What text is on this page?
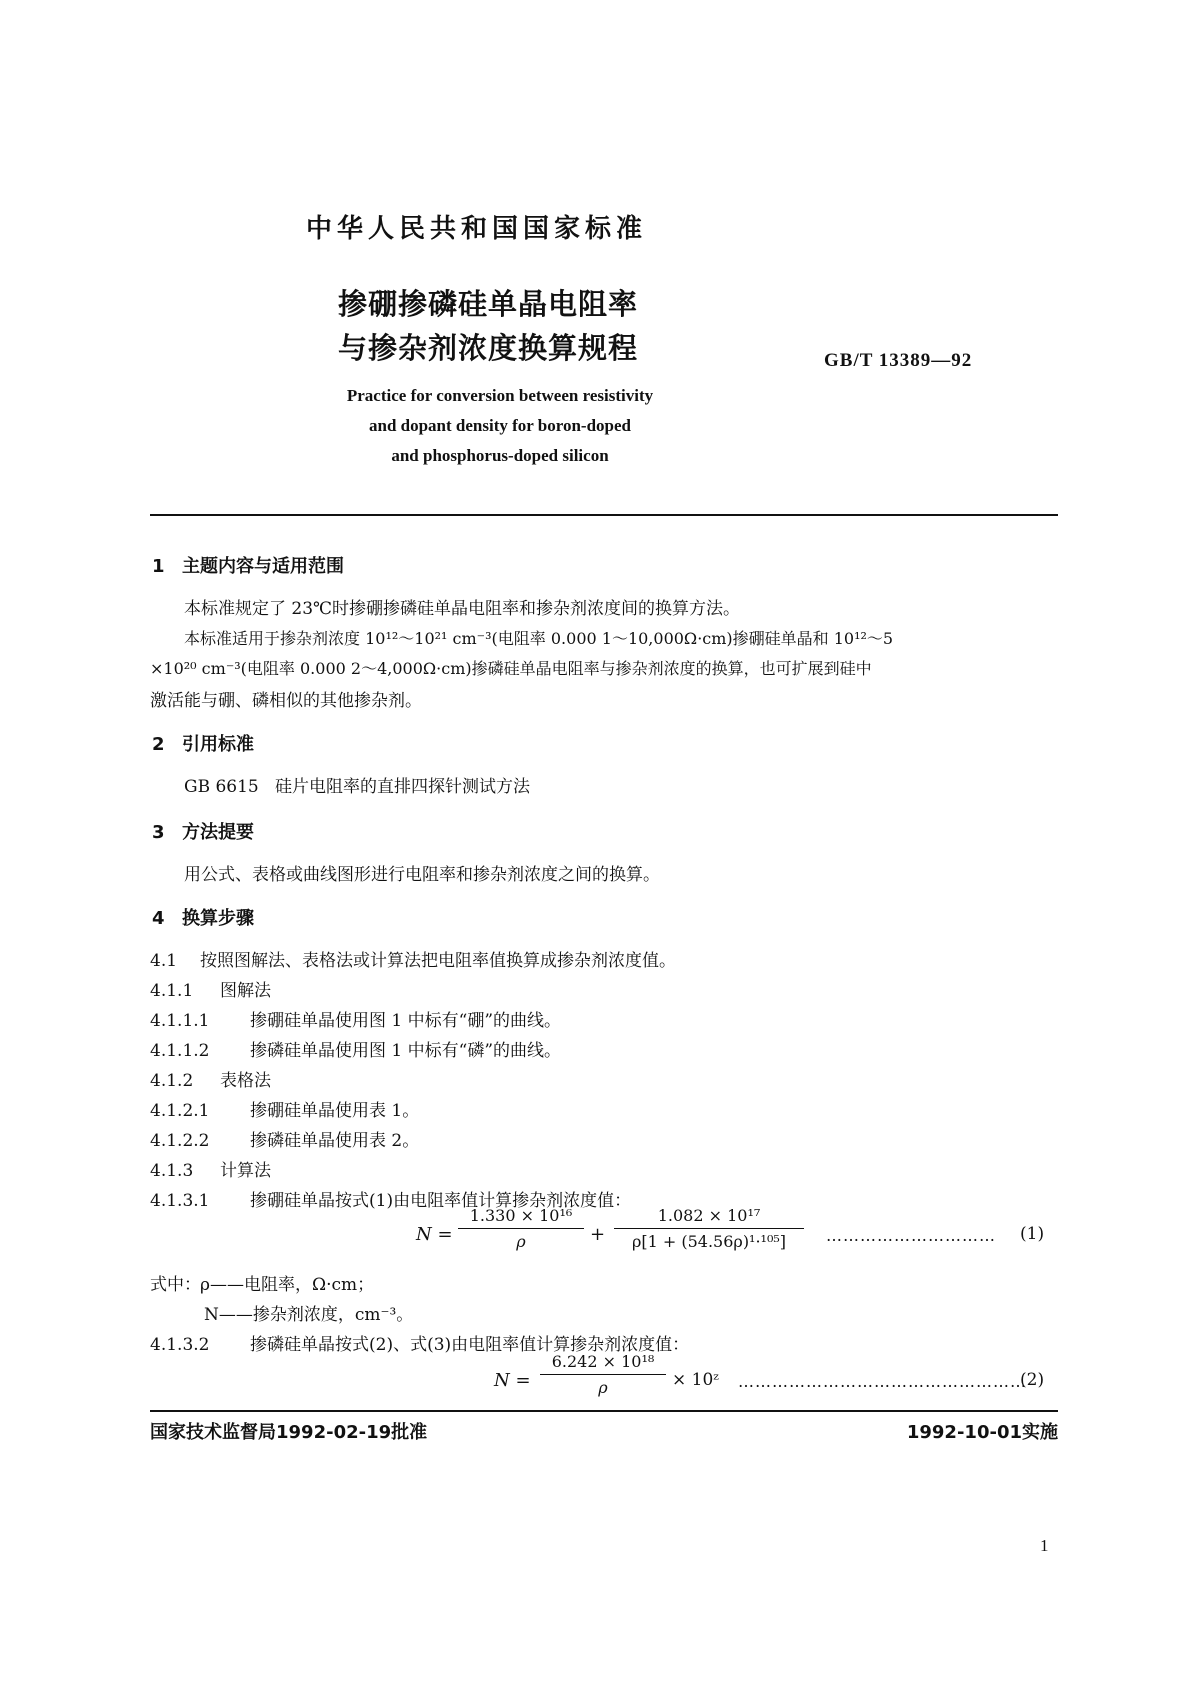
中华人民共和国国家标准
掺硼掺磷硅单晶电阻率
与掺杂剂浓度换算规程	GB/T 13389—92
Practice for conversion between resistivity
and dopant density for boron-doped
and phosphorus-doped silicon
1 主题内容与适用范围
本标准规定了 23℃时掺硼掺磷硅单晶电阻率和掺杂剂浓度间的换算方法。
本标准适用于掺杂剂浓度 10¹²～10²¹ cm⁻³(电阻率 0.000 1～10,000Ω·cm)掺硼硅单晶和 10¹²～5
×10²⁰ cm⁻³(电阻率 0.000 2～4,000Ω·cm)掺磷硅单晶电阻率与掺杂剂浓度的换算，也可扩展到硅中
激活能与硼、磷相似的其他掺杂剂。
2 引用标准
GB 6615   硅片电阻率的直排四探针测试方法
3 方法提要
用公式、表格或曲线图形进行电阻率和掺杂剂浓度之间的换算。
4 换算步骤
4.1 按照图解法、表格法或计算法把电阻率值换算成掺杂剂浓度值。
4.1.1 图解法
4.1.1.1 掺硼硅单晶使用图 1 中标有“硼”的曲线。
4.1.1.2 掺磷硅单晶使用图 1 中标有“磷”的曲线。
4.1.2 表格法
4.1.2.1 掺硼硅单晶使用表 1。
4.1.2.2 掺磷硅单晶使用表 2。
4.1.3 计算法
4.1.3.1 掺硼硅单晶按式(1)由电阻率值计算掺杂剂浓度值：
N =
1.330 × 10¹⁶
ρ	+
1.082 × 10¹⁷
ρ[1 + (54.56ρ)¹·¹⁰⁵]	………………………… (1)
式中： ρ——电阻率，Ω·cm；
N——掺杂剂浓度，cm⁻³。
4.1.3.2 掺磷硅单晶按式(2)、式(3)由电阻率值计算掺杂剂浓度值：
N =
6.242 × 10¹⁸
ρ	× 10ᶻ ……………………………………………
(2)
国家技术监督局1992-02-19批准	1992-10-01实施
1
